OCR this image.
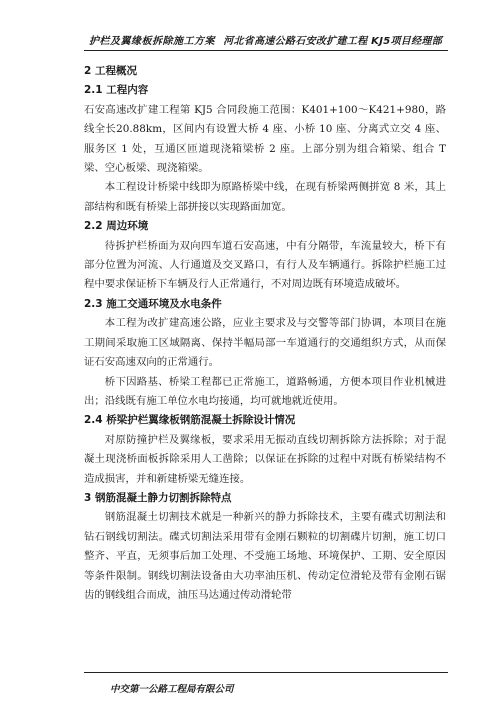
护栏及翼缘板拆除施工方案 河北省高速公路石安改扩建工程 KJ5项目经理部

2 工程概况

2.1 工程内容

石安高速改扩建工程第 KJ5 合同段施工范围：K401+100～K421+980，路线全长20.88km，区间内有设置大桥 4 座、小桥 10 座、分离式立交 4 座、服务区 1 处，互通区匝道现浇箱梁桥 2 座。上部分别为组合箱梁、组合 T 梁、空心板梁、现浇箱梁。

本工程设计桥梁中线即为原路桥梁中线，在现有桥梁两侧拼宽 8 米，其上部结构和既有桥梁上部拼接以实现路面加宽。

2.2 周边环境

待拆护栏桥面为双向四车道石安高速，中有分隔带，车流量较大，桥下有部分位置为河流、人行通道及交叉路口，有行人及车辆通行。拆除护栏施工过程中要求保证桥下车辆及行人正常通行，不对周边既有环境造成破坏。

2.3 施工交通环境及水电条件

本工程为改扩建高速公路，应业主要求及与交警等部门协调，本项目在施工期间采取施工区域隔离、保持半幅局部一车道通行的交通组织方式，从而保证石安高速双向的正常通行。

桥下因路基、桥梁工程都已正常施工，道路畅通，方便本项目作业机械进出；沿线既有施工单位水电均接通，均可就地就近使用。

2.4 桥梁护栏翼缘板钢筋混凝土拆除设计情况

对原防撞护栏及翼缘板，要求采用无振动直线切割拆除方法拆除；对于混凝土现浇桥面板拆除采用人工凿除；以保证在拆除的过程中对既有桥梁结构不造成损害，并和新建桥梁无缝连接。

3 钢筋混凝土静力切割拆除特点

钢筋混凝土切割技术就是一种新兴的静力拆除技术，主要有碟式切割法和钻石钢线切割法。碟式切割法采用带有金刚石颗粒的切割碟片切割，施工切口整齐、平直，无须事后加工处理、不受施工场地、环境保护、工期、安全原因等条件限制。钢线切割法设备由大功率油压机、传动定位滑轮及带有金刚石锯齿的钢线组合而成，油压马达通过传动滑轮带

中交第一公路工程局有限公司
